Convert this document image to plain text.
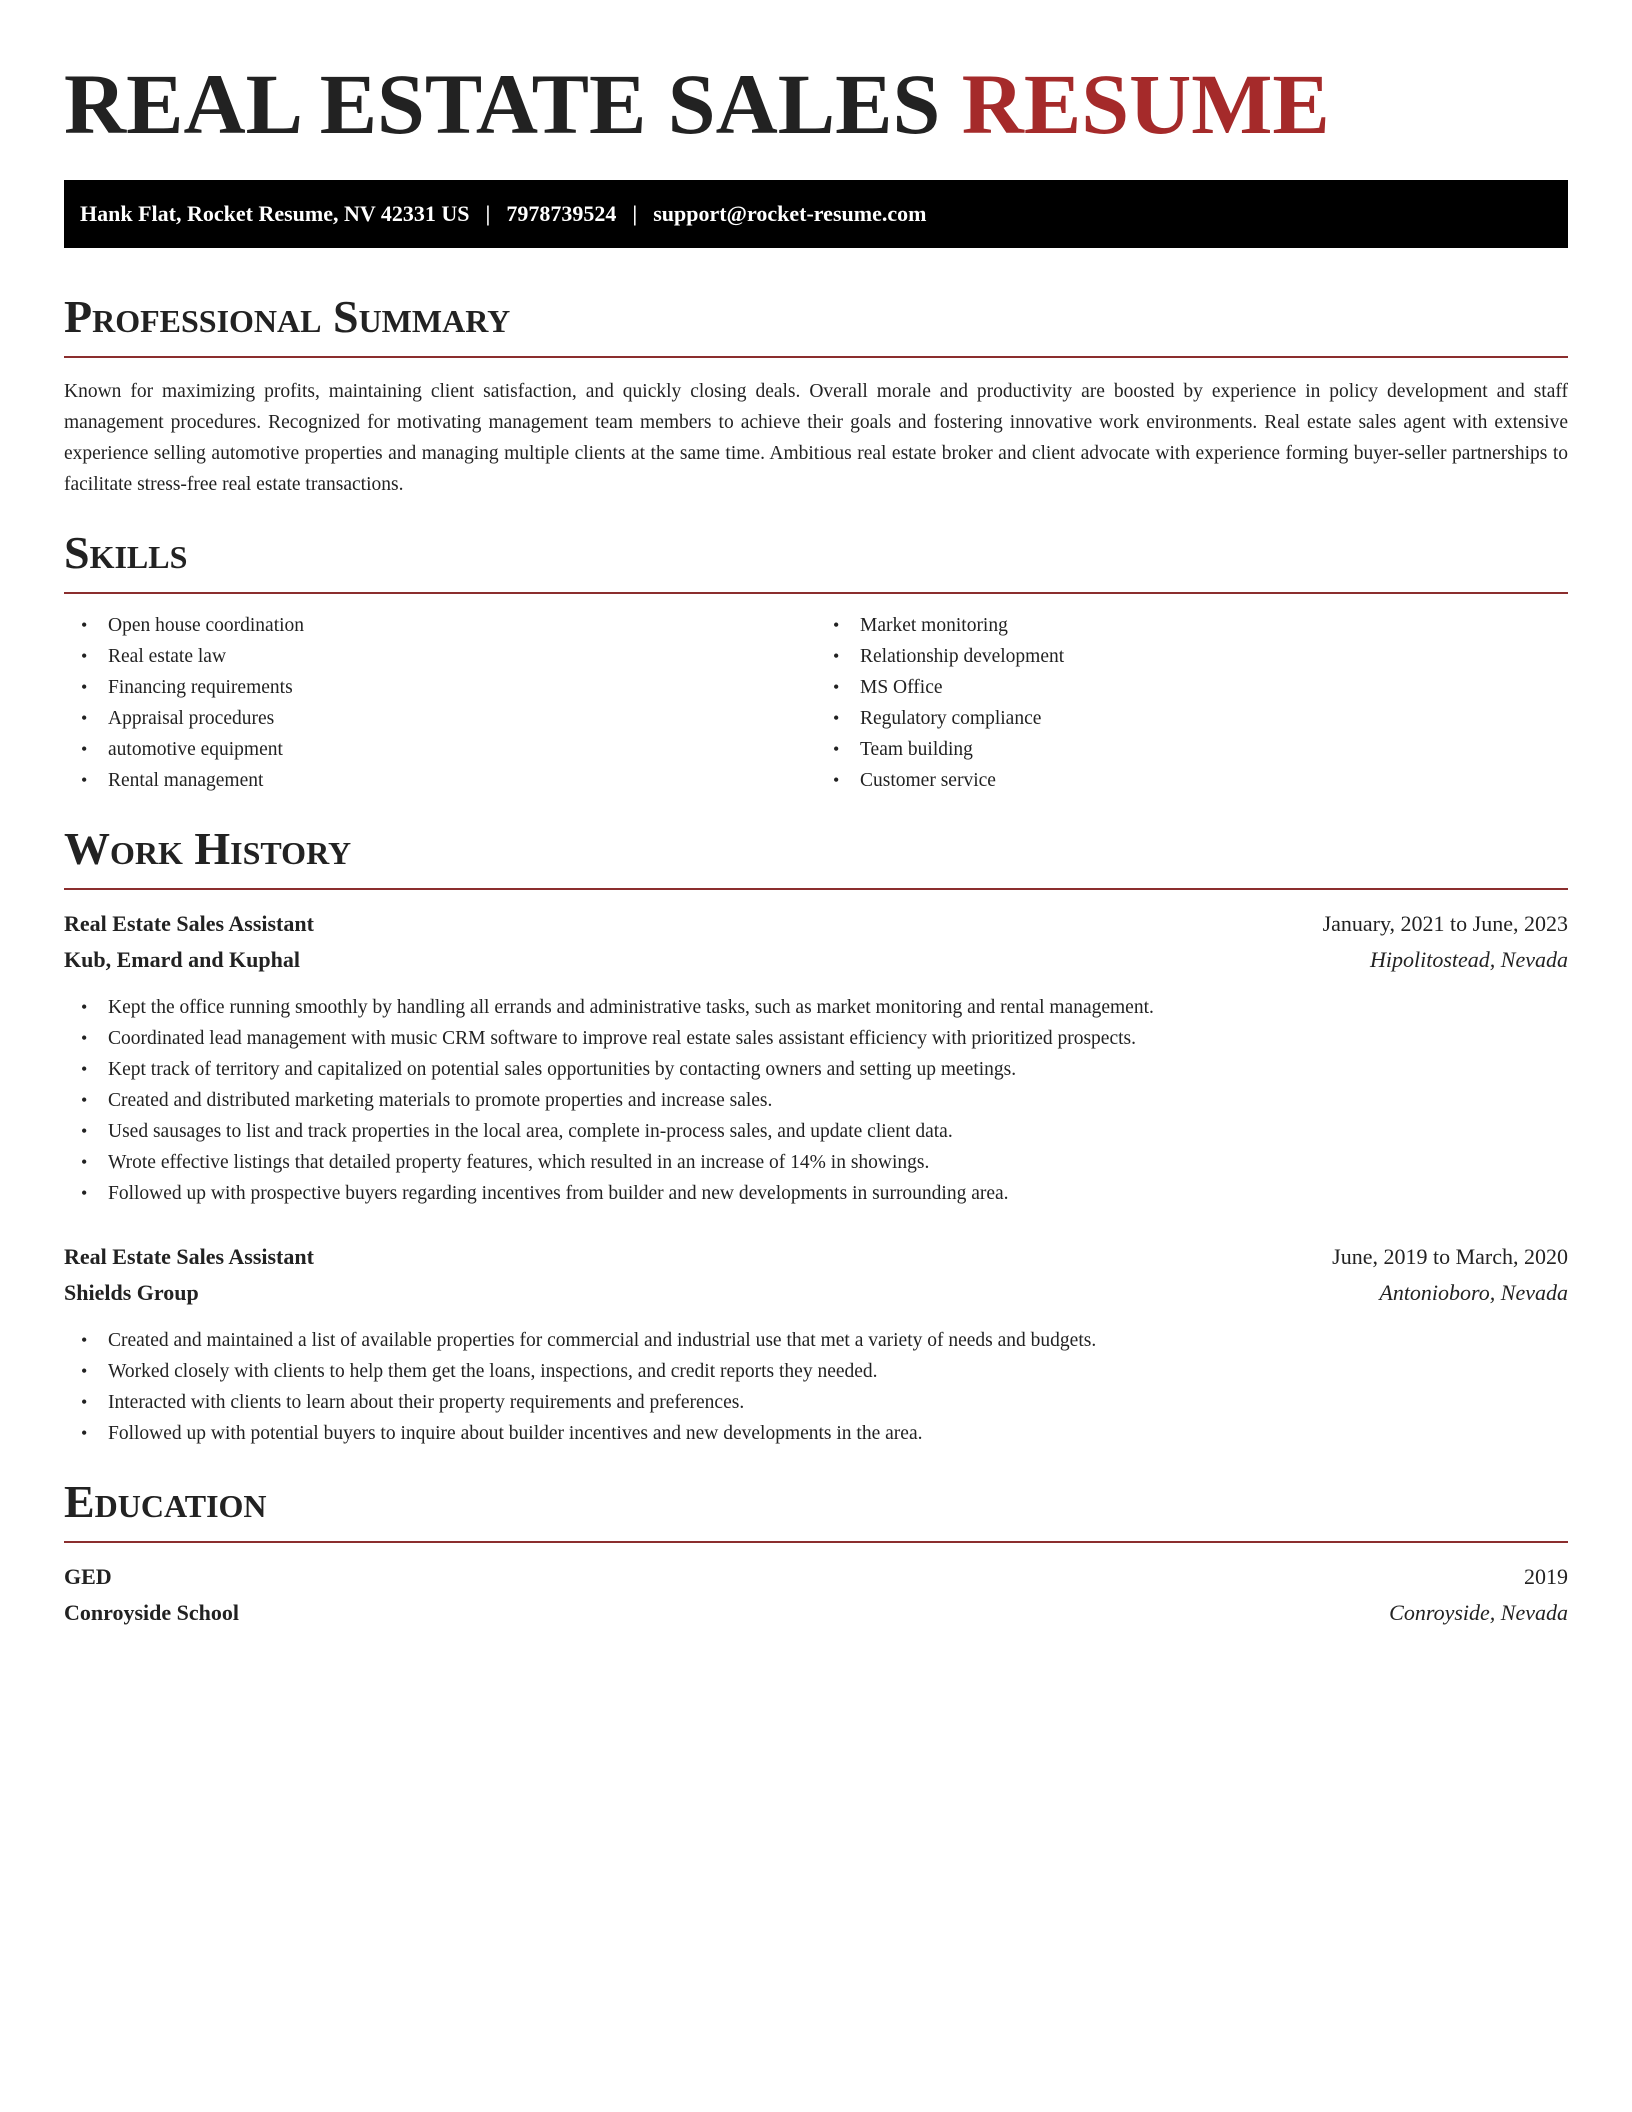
REAL ESTATE SALES RESUME
Hank Flat, Rocket Resume, NV 42331 US | 7978739524 | support@rocket-resume.com
Professional Summary

Known for maximizing profits, maintaining client satisfaction, and quickly closing deals. Overall morale and productivity are boosted by experience in policy development and staff management procedures. Recognized for motivating management team members to achieve their goals and fostering innovative work environments. Real estate sales agent with extensive experience selling automotive properties and managing multiple clients at the same time. Ambitious real estate broker and client advocate with experience forming buyer-seller partnerships to facilitate stress-free real estate transactions.

Skills
• Open house coordination
• Real estate law
• Financing requirements
• Appraisal procedures
• automotive equipment
• Rental management
• Market monitoring
• Relationship development
• MS Office
• Regulatory compliance
• Team building
• Customer service
Work History
Real Estate Sales Assistant	January, 2021 to June, 2023
Kub, Emard and Kuphal	Hipolitostead, Nevada
• Kept the office running smoothly by handling all errands and administrative tasks, such as market monitoring and rental management.
• Coordinated lead management with music CRM software to improve real estate sales assistant efficiency with prioritized prospects.
• Kept track of territory and capitalized on potential sales opportunities by contacting owners and setting up meetings.
• Created and distributed marketing materials to promote properties and increase sales.
• Used sausages to list and track properties in the local area, complete in-process sales, and update client data.
• Wrote effective listings that detailed property features, which resulted in an increase of 14% in showings.
• Followed up with prospective buyers regarding incentives from builder and new developments in surrounding area.
Real Estate Sales Assistant	June, 2019 to March, 2020
Shields Group	Antonioboro, Nevada
• Created and maintained a list of available properties for commercial and industrial use that met a variety of needs and budgets.
• Worked closely with clients to help them get the loans, inspections, and credit reports they needed.
• Interacted with clients to learn about their property requirements and preferences.
• Followed up with potential buyers to inquire about builder incentives and new developments in the area.
Education
GED	2019
Conroyside School	Conroyside, Nevada
